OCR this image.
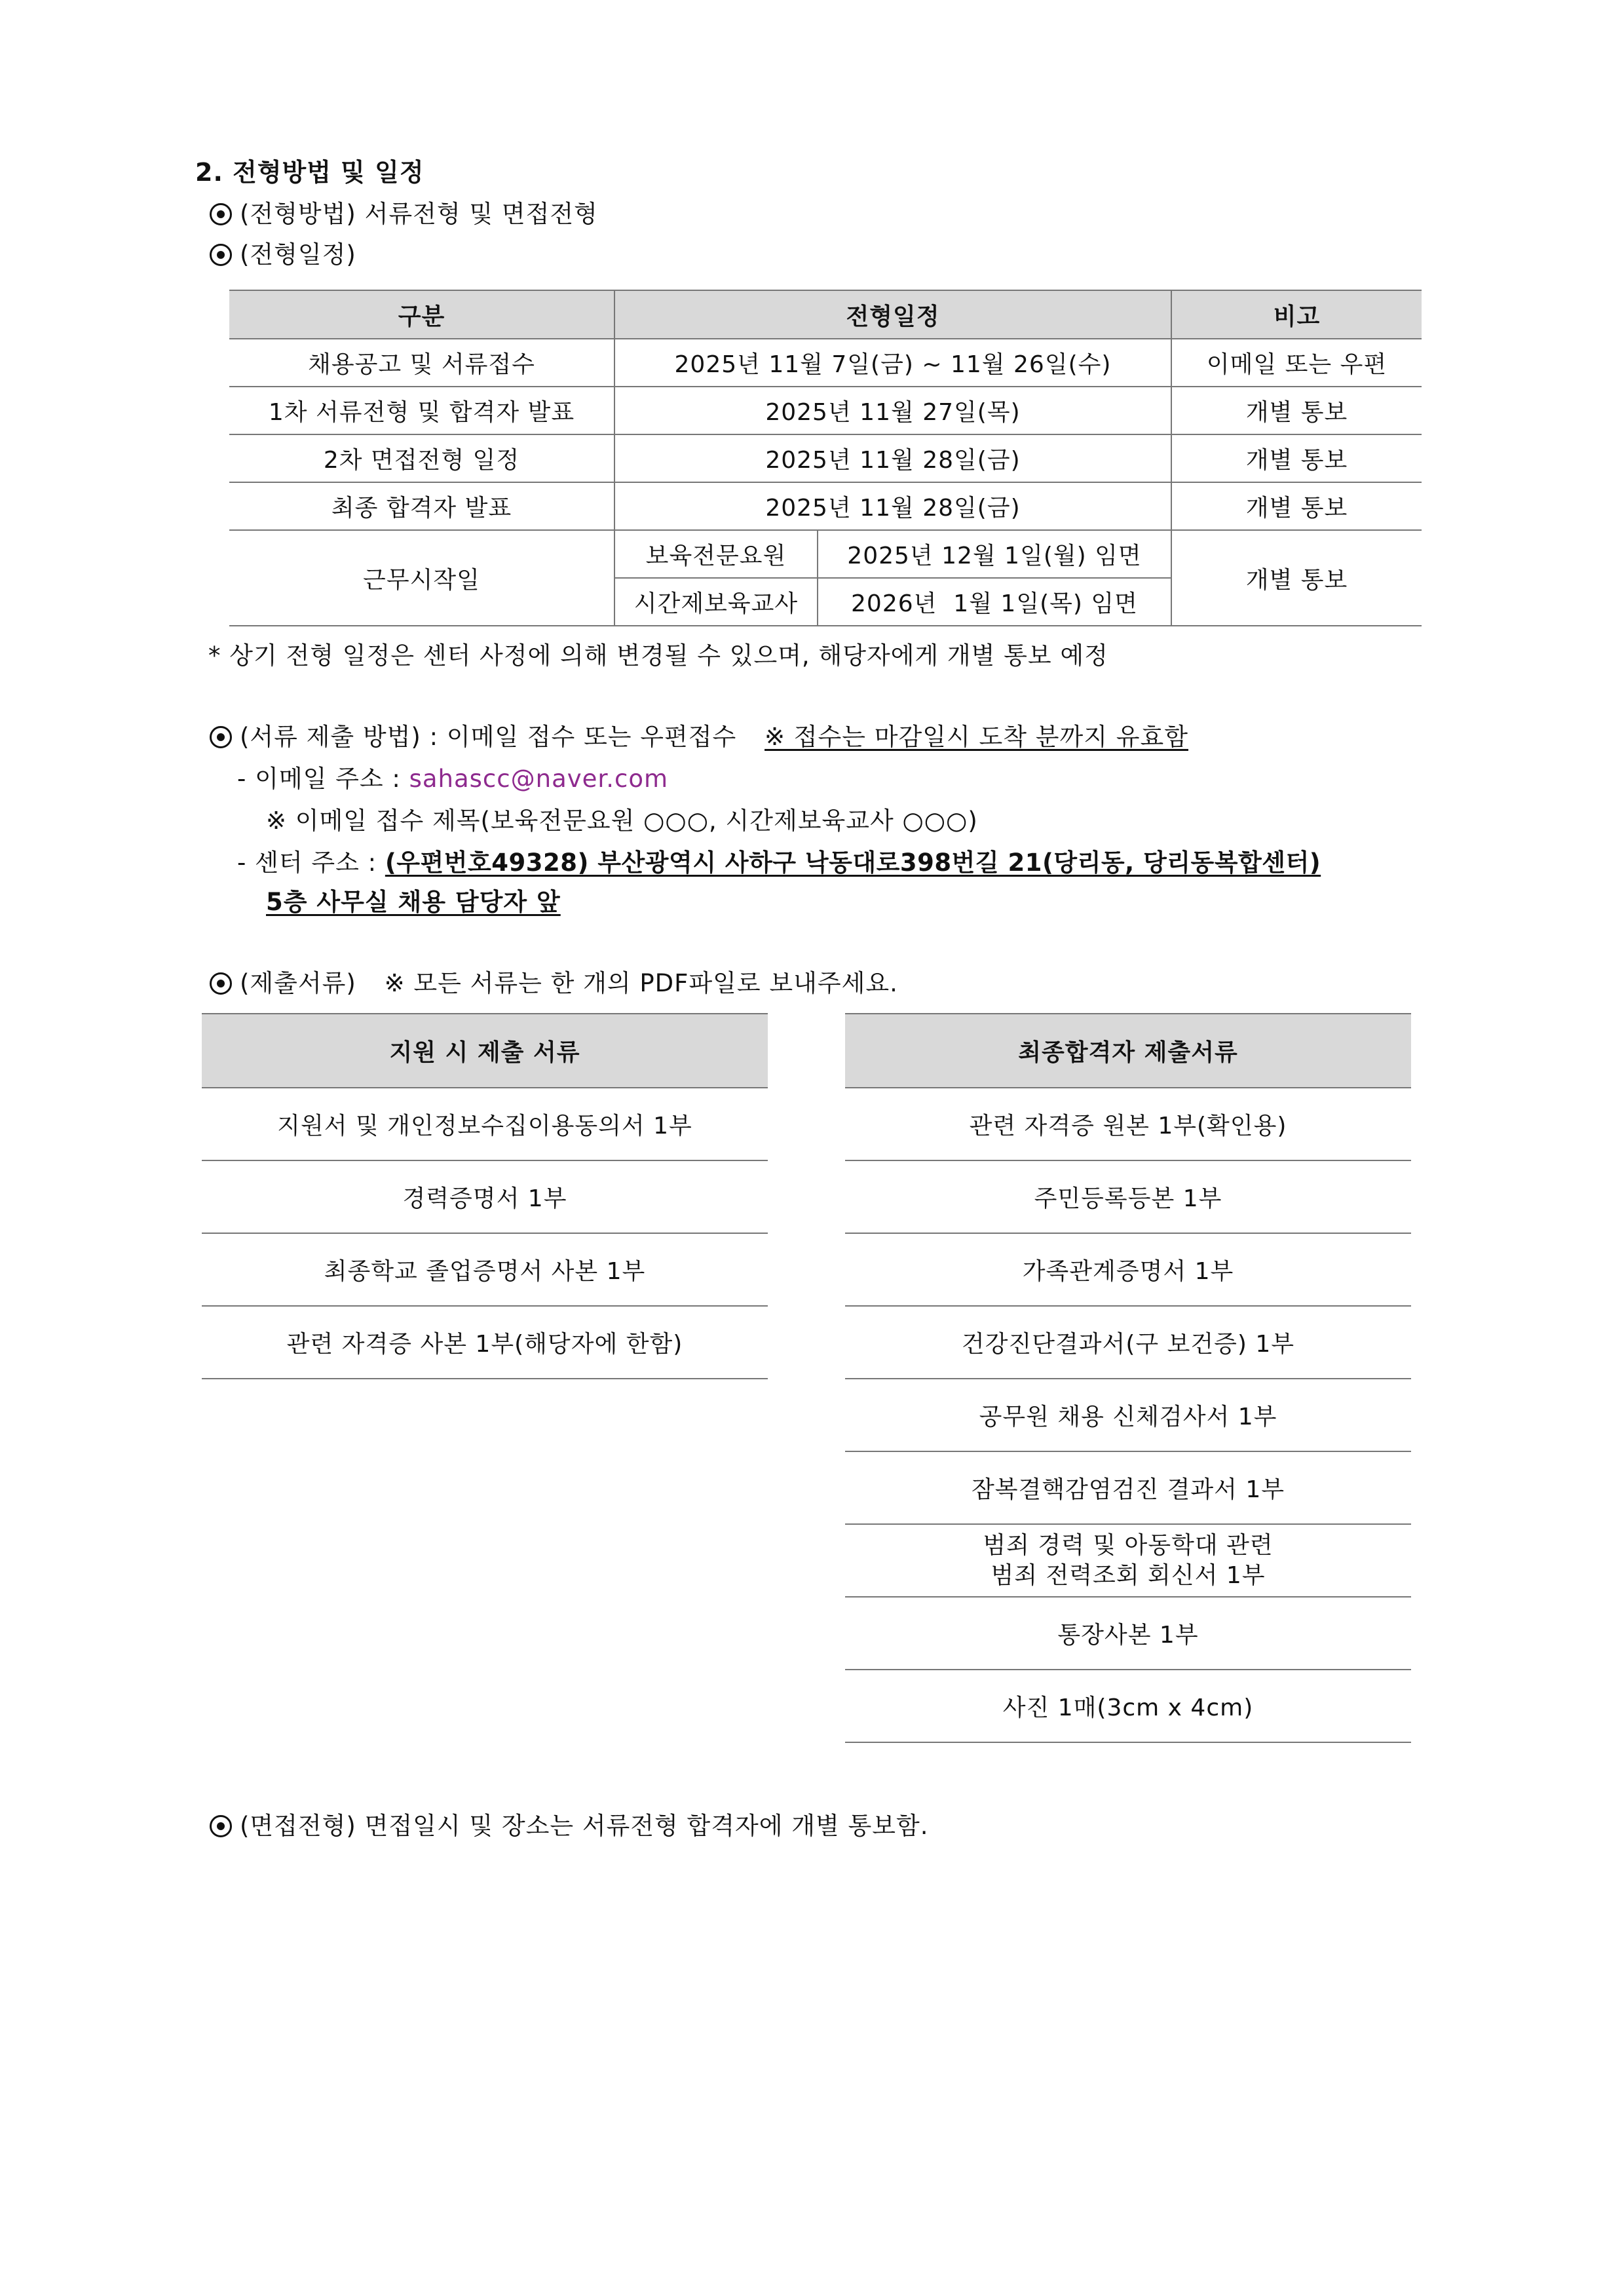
2. 전형방법 및 일정
(전형방법) 서류전형 및 면접전형
(전형일정)
구분	전형일정		비고
채용공고 및 서류접수	2025년 11월 7일(금) ~ 11월 26일(수)		이메일 또는 우편
1차 서류전형 및 합격자 발표	2025년 11월 27일(목)		개별 통보
2차 면접전형 일정	2025년 11월 28일(금)		개별 통보
최종 합격자 발표	2025년 11월 28일(금)		개별 통보
근무시작일	보육전문요원	2025년 12월 1일(월) 임면	개별 통보
	시간제보육교사	2026년  1월 1일(목) 임면	
* 상기 전형 일정은 센터 사정에 의해 변경될 수 있으며, 해당자에게 개별 통보 예정
(서류 제출 방법) : 이메일 접수 또는 우편접수 ※ 접수는 마감일시 도착 분까지 유효함
- 이메일 주소 : sahascc@naver.com
※ 이메일 접수 제목(보육전문요원 ○○○, 시간제보육교사 ○○○)
- 센터 주소 : (우편번호49328) 부산광역시 사하구 낙동대로398번길 21(당리동, 당리동복합센터)
5층 사무실 채용 담당자 앞
(제출서류) ※ 모든 서류는 한 개의 PDF파일로 보내주세요.
지원 시 제출 서류
지원서 및 개인정보수집이용동의서 1부
경력증명서 1부
최종학교 졸업증명서 사본 1부
관련 자격증 사본 1부(해당자에 한함)
최종합격자 제출서류
관련 자격증 원본 1부(확인용)
주민등록등본 1부
가족관계증명서 1부
건강진단결과서(구 보건증) 1부
공무원 채용 신체검사서 1부
잠복결핵감염검진 결과서 1부

범죄 경력 및 아동학대 관련
범죄 전력조회 회신서 1부

통장사본 1부
사진 1매(3cm x 4cm)
(면접전형) 면접일시 및 장소는 서류전형 합격자에 개별 통보함.
